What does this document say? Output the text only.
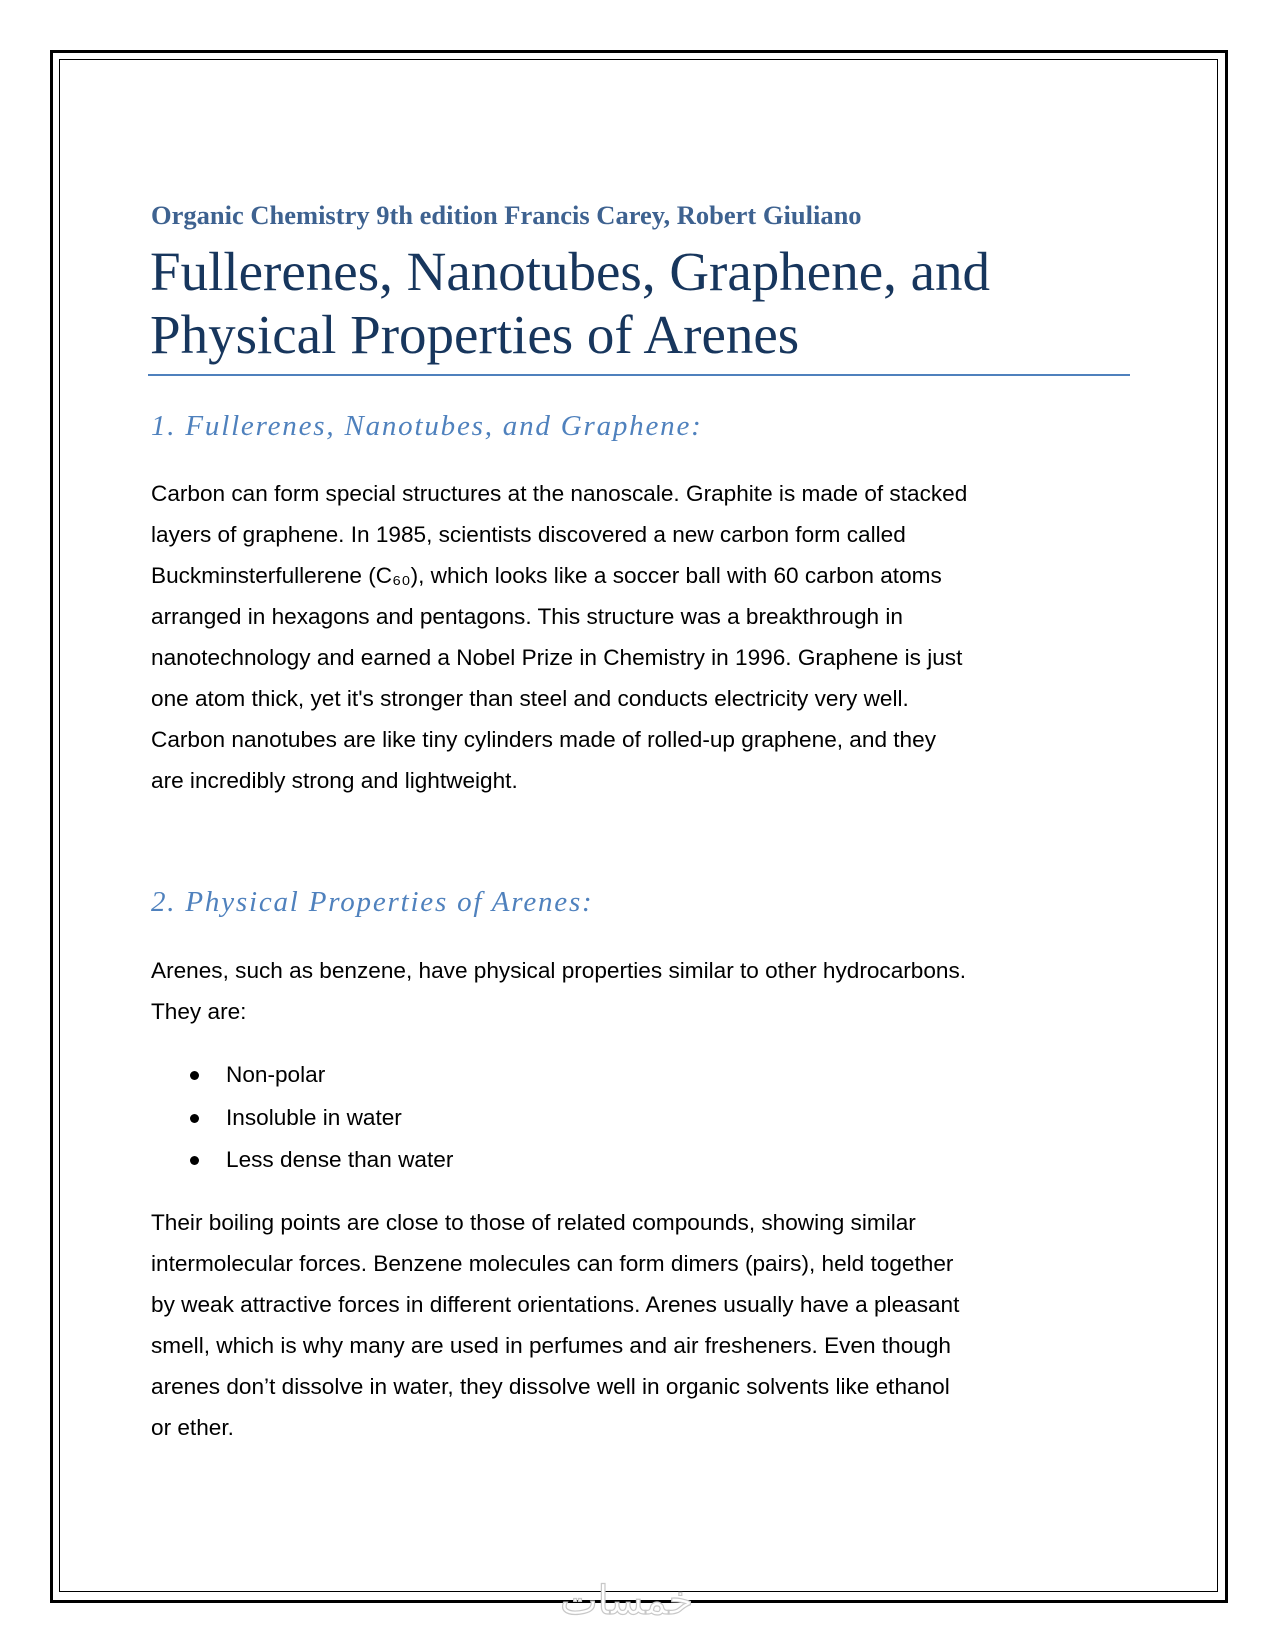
Organic Chemistry 9th edition Francis Carey, Robert Giuliano
Fullerenes, Nanotubes, Graphene, and
Physical Properties of Arenes
1. Fullerenes, Nanotubes, and Graphene:
Carbon can form special structures at the nanoscale. Graphite is made of stacked
layers of graphene. In 1985, scientists discovered a new carbon form called
Buckminsterfullerene (C₆₀), which looks like a soccer ball with 60 carbon atoms
arranged in hexagons and pentagons. This structure was a breakthrough in
nanotechnology and earned a Nobel Prize in Chemistry in 1996. Graphene is just
one atom thick, yet it's stronger than steel and conducts electricity very well.
Carbon nanotubes are like tiny cylinders made of rolled-up graphene, and they
are incredibly strong and lightweight.
2. Physical Properties of Arenes:
Arenes, such as benzene, have physical properties similar to other hydrocarbons.
They are:
Non-polar
Insoluble in water
Less dense than water
Their boiling points are close to those of related compounds, showing similar
intermolecular forces. Benzene molecules can form dimers (pairs), held together
by weak attractive forces in different orientations. Arenes usually have a pleasant
smell, which is why many are used in perfumes and air fresheners. Even though
arenes don’t dissolve in water, they dissolve well in organic solvents like ethanol
or ether.
خمسات
